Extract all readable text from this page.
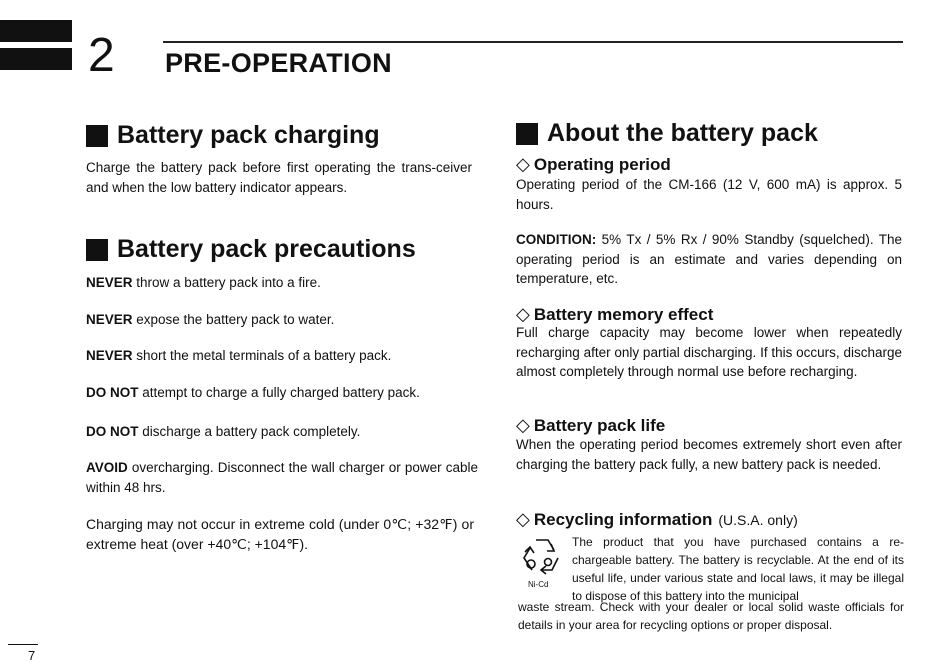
2 PRE-OPERATION
Battery pack charging
Charge the battery pack before first operating the trans-ceiver and when the low battery indicator appears.
Battery pack precautions
NEVER throw a battery pack into a fire.
NEVER expose the battery pack to water.
NEVER short the metal terminals of a battery pack.
DO NOT attempt to charge a fully charged battery pack.
DO NOT discharge a battery pack completely.
AVOID overcharging. Disconnect the wall charger or power cable within 48 hrs.
Charging may not occur in extreme cold (under 0℃; +32℉) or extreme heat (over +40℃; +104℉).
About the battery pack
◇ Operating period
Operating period of the CM-166 (12 V, 600 mA) is approx. 5 hours.
CONDITION: 5% Tx / 5% Rx / 90% Standby (squelched). The operating period is an estimate and varies depending on temperature, etc.
◇ Battery memory effect
Full charge capacity may become lower when repeatedly recharging after only partial discharging. If this occurs, discharge almost completely through normal use before recharging.
◇ Battery pack life
When the operating period becomes extremely short even after charging the battery pack fully, a new battery pack is needed.
◇ Recycling information (U.S.A. only)
Ni-Cd
The product that you have purchased contains a re-chargeable battery. The battery is recyclable. At the end of its useful life, under various state and local laws, it may be illegal to dispose of this battery into the municipal
waste stream. Check with your dealer or local solid waste officials for details in your area for recycling options or proper disposal.
7
